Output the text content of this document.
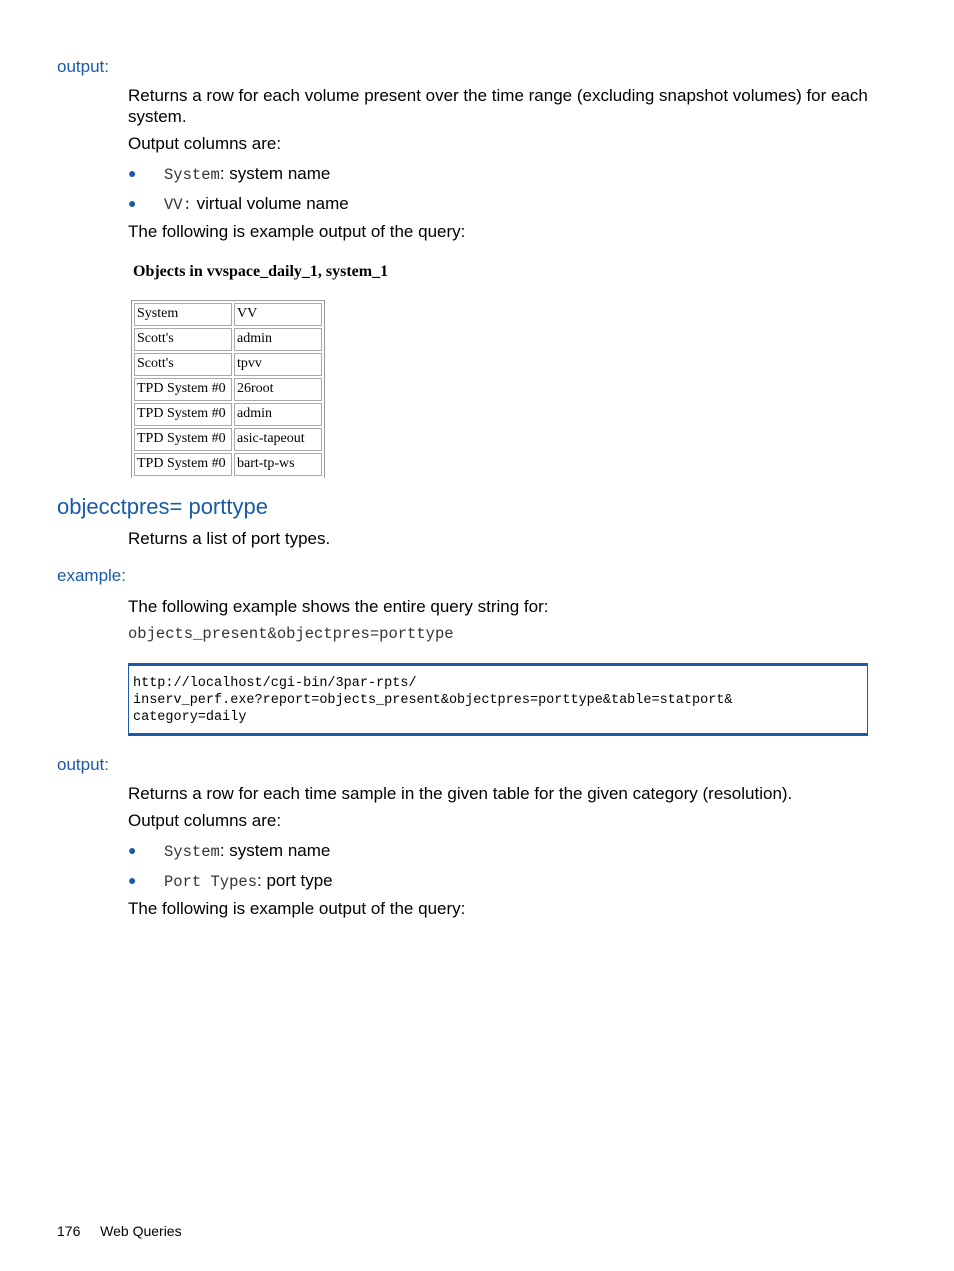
output:
Returns a row for each volume present over the time range (excluding snapshot volumes) for each system.
Output columns are:
● System: system name
● VV: virtual volume name
The following is example output of the query:
Objects in vvspace_daily_1, system_1
System	VV
Scott's	admin
Scott's	tpvv
TPD System #0	26root
TPD System #0	admin
TPD System #0	asic-tapeout
TPD System #0	bart-tp-ws
objecctpres= porttype
Returns a list of port types.
example:
The following example shows the entire query string for:
objects_present&objectpres=porttype
http://localhost/cgi-bin/3par-rpts/
inserv_perf.exe?report=objects_present&objectpres=porttype&table=statport&
category=daily
output:
Returns a row for each time sample in the given table for the given category (resolution).
Output columns are:
● System: system name
● Port Types: port type
The following is example output of the query:
176 Web Queries
